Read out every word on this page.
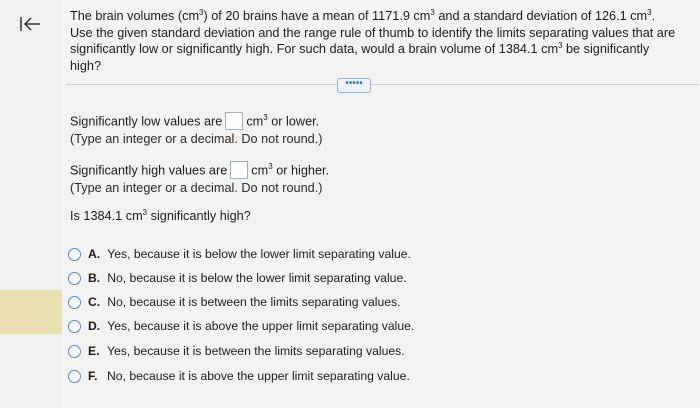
The brain volumes $(cm^3)$ of 20 brains have a mean of 1171.9 $cm^3$ and a standard deviation of 126.1 $cm^3$. Use the given standard deviation and the range rule of thumb to identify the limits separating values that are significantly low or significantly high. For such data, would a brain volume of 1384.1 $cm^3$ be significantly high?
•••••
Significantly low values are $cm^3$ or lower.
(Type an integer or a decimal. Do not round.)
Significantly high values are $cm^3$ or higher.
(Type an integer or a decimal. Do not round.)
Is 1384.1 $cm^3$ significantly high?
A. Yes, because it is below the lower limit separating value.
B. No, because it is below the lower limit separating value.
C. No, because it is between the limits separating values.
D. Yes, because it is above the upper limit separating value.
E. Yes, because it is between the limits separating values.
F. No, because it is above the upper limit separating value.
